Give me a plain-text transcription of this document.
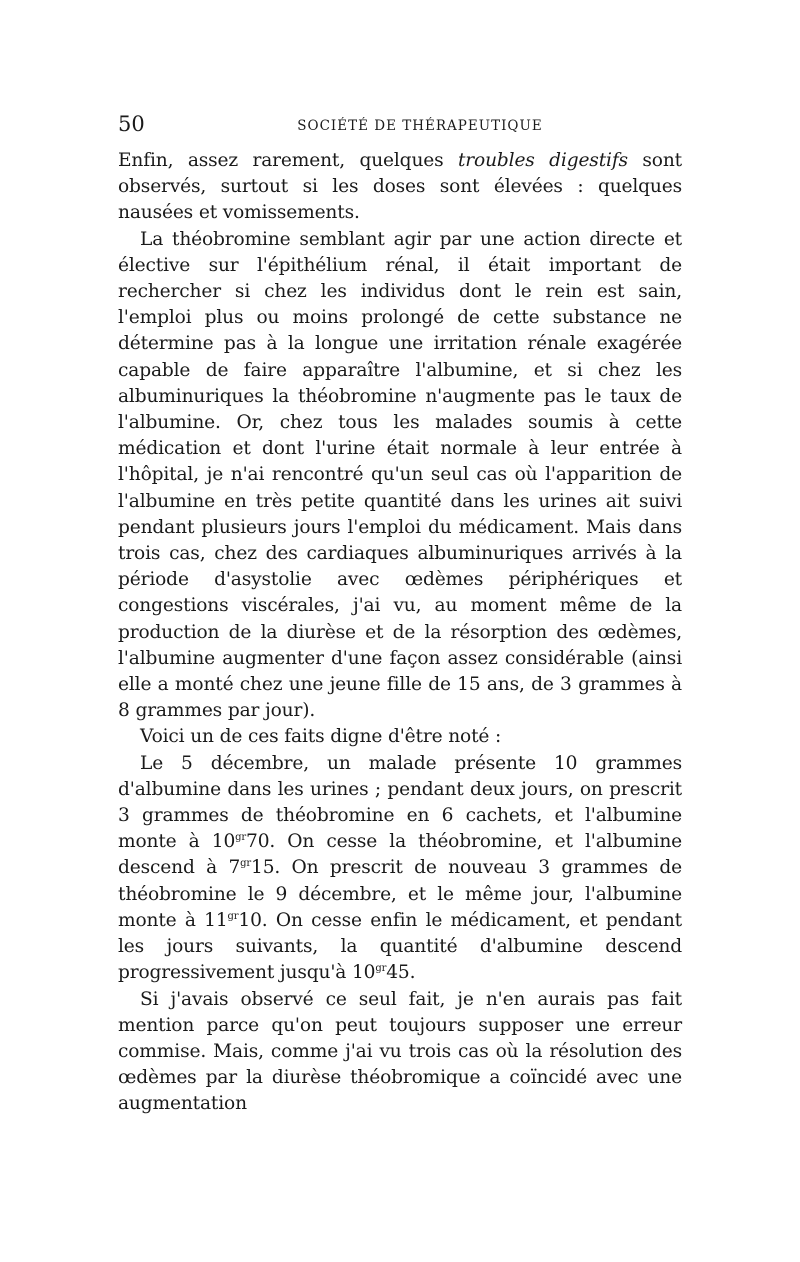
50	SOCIÉTÉ DE THÉRAPEUTIQUE

Enfin, assez rarement, quelques troubles digestifs sont observés, surtout si les doses sont élevées : quelques nausées et vomissements.

La théobromine semblant agir par une action directe et élective sur l'épithélium rénal, il était important de rechercher si chez les individus dont le rein est sain, l'emploi plus ou moins prolongé de cette substance ne détermine pas à la longue une irritation rénale exagérée capable de faire apparaître l'albumine, et si chez les albuminuriques la théobromine n'augmente pas le taux de l'albumine. Or, chez tous les malades soumis à cette médication et dont l'urine était normale à leur entrée à l'hôpital, je n'ai rencontré qu'un seul cas où l'apparition de l'albumine en très petite quantité dans les urines ait suivi pendant plusieurs jours l'emploi du médicament. Mais dans trois cas, chez des cardiaques albuminuriques arrivés à la période d'asystolie avec œdèmes périphériques et congestions viscérales, j'ai vu, au moment même de la production de la diurèse et de la résorption des œdèmes, l'albumine augmenter d'une façon assez considérable (ainsi elle a monté chez une jeune fille de 15 ans, de 3 grammes à 8 grammes par jour).

Voici un de ces faits digne d'être noté :

Le 5 décembre, un malade présente 10 grammes d'albumine dans les urines ; pendant deux jours, on prescrit 3 grammes de théobromine en 6 cachets, et l'albumine monte à $10^{gr}70$. On cesse la théobromine, et l'albumine descend à $7^{gr}15$. On prescrit de nouveau 3 grammes de théobromine le 9 décembre, et le même jour, l'albumine monte à $11^{gr}10$. On cesse enfin le médicament, et pendant les jours suivants, la quantité d'albumine descend progressivement jusqu'à $10^{gr}45$.

Si j'avais observé ce seul fait, je n'en aurais pas fait mention parce qu'on peut toujours supposer une erreur commise. Mais, comme j'ai vu trois cas où la résolution des œdèmes par la diurèse théobromique a coïncidé avec une augmentation
